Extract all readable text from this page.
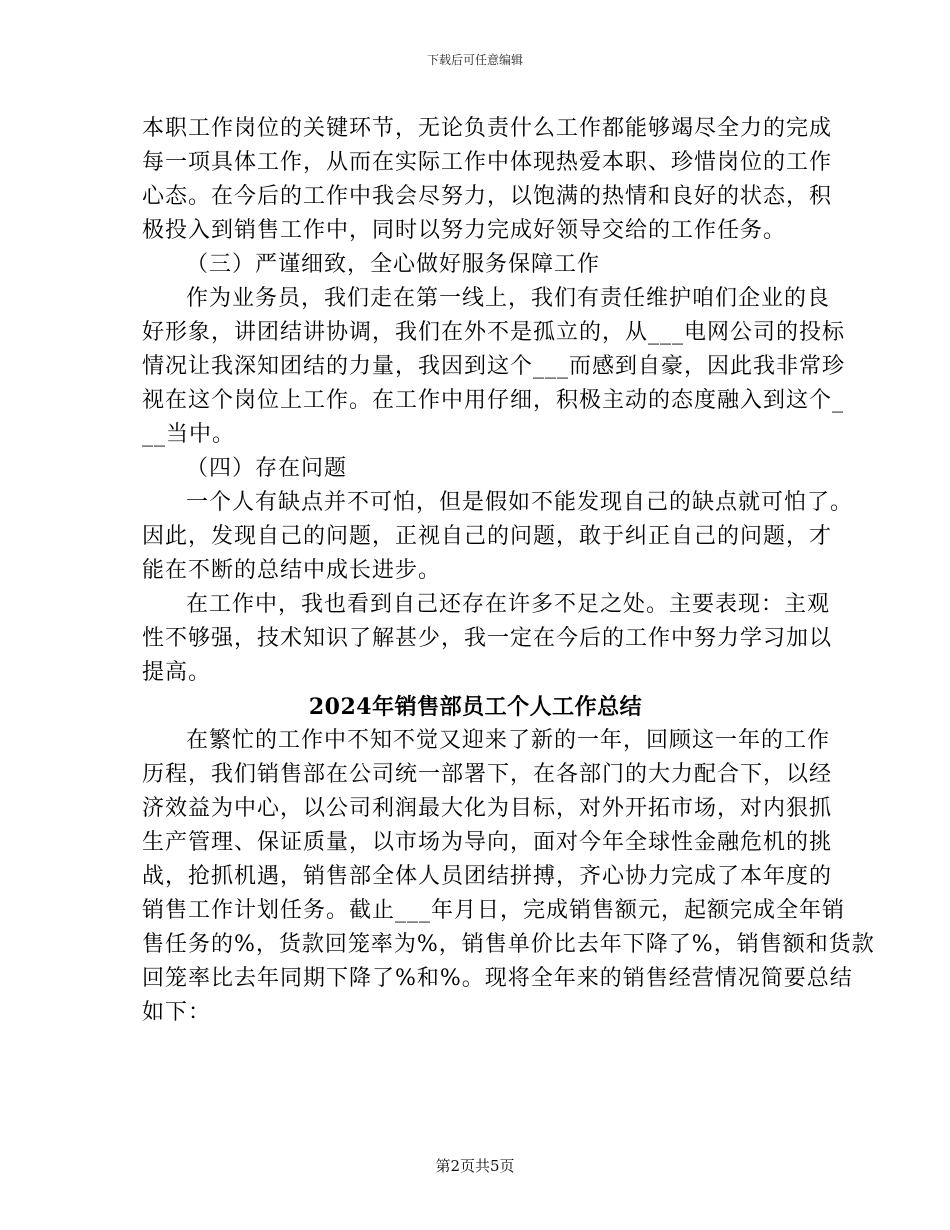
下载后可任意编辑
本职工作岗位的关键环节，无论负责什么工作都能够竭尽全力的完成
每一项具体工作，从而在实际工作中体现热爱本职、珍惜岗位的工作
心态。在今后的工作中我会尽努力，以饱满的热情和良好的状态，积
极投入到销售工作中，同时以努力完成好领导交给的工作任务。
（三）严谨细致，全心做好服务保障工作
作为业务员，我们走在第一线上，我们有责任维护咱们企业的良
好形象，讲团结讲协调，我们在外不是孤立的，从___电网公司的投标
情况让我深知团结的力量，我因到这个___而感到自豪，因此我非常珍
视在这个岗位上工作。在工作中用仔细，积极主动的态度融入到这个_
__当中。
（四）存在问题
一个人有缺点并不可怕，但是假如不能发现自己的缺点就可怕了。
因此，发现自己的问题，正视自己的问题，敢于纠正自己的问题，才
能在不断的总结中成长进步。
在工作中，我也看到自己还存在许多不足之处。主要表现：主观
性不够强，技术知识了解甚少，我一定在今后的工作中努力学习加以
提高。
2024年销售部员工个人工作总结
在繁忙的工作中不知不觉又迎来了新的一年，回顾这一年的工作
历程，我们销售部在公司统一部署下，在各部门的大力配合下，以经
济效益为中心，以公司利润最大化为目标，对外开拓市场，对内狠抓
生产管理、保证质量，以市场为导向，面对今年全球性金融危机的挑
战，抢抓机遇，销售部全体人员团结拼搏，齐心协力完成了本年度的
销售工作计划任务。截止___年月日，完成销售额元，起额完成全年销
售任务的%，货款回笼率为%，销售单价比去年下降了%，销售额和货款
回笼率比去年同期下降了%和%。现将全年来的销售经营情况简要总结
如下：
第2页共5页
